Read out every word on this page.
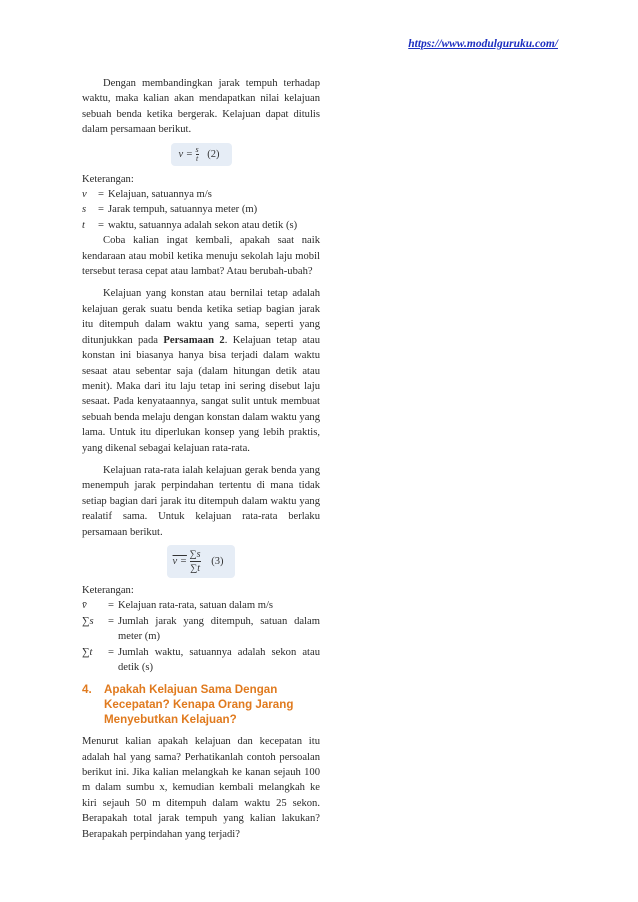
https://www.modulguruku.com/

Dengan membandingkan jarak tempuh terhadap waktu, maka kalian akan mendapatkan nilai kelajuan sebuah benda ketika bergerak. Kelajuan dapat ditulis dalam persamaan berikut.

$v = \frac{s}{t} (2)$

Keterangan:

v	= Kelajuan, satuannya m/s
s	= Jarak tempuh, satuannya meter (m)
t	= waktu, satuannya adalah sekon atau detik (s)

Coba kalian ingat kembali, apakah saat naik kendaraan atau mobil ketika menuju sekolah laju mobil tersebut terasa cepat atau lambat? Atau berubah-ubah?

Kelajuan yang konstan atau bernilai tetap adalah kelajuan gerak suatu benda ketika setiap bagian jarak itu ditempuh dalam waktu yang sama, seperti yang ditunjukkan pada Persamaan 2. Kelajuan tetap atau konstan ini biasanya hanya bisa terjadi dalam waktu sesaat atau sebentar saja (dalam hitungan detik atau menit). Maka dari itu laju tetap ini sering disebut laju sesaat. Pada kenyataannya, sangat sulit untuk membuat sebuah benda melaju dengan konstan dalam waktu yang lama. Untuk itu diperlukan konsep yang lebih praktis, yang dikenal sebagai kelajuan rata-rata.

Kelajuan rata-rata ialah kelajuan gerak benda yang menempuh jarak perpindahan tertentu di mana tidak setiap bagian dari jarak itu ditempuh dalam waktu yang realatif sama. Untuk kelajuan rata-rata berlaku persamaan berikut.

$v = \frac{\sum s}{\sum t} (3)$

Keterangan:

v̄	= Kelajuan rata-rata, satuan dalam m/s
∑s	= Jumlah jarak yang ditempuh, satuan dalam meter (m)
∑t	= Jumlah waktu, satuannya adalah sekon atau detik (s)
4.	Apakah Kelajuan Sama Dengan Kecepatan? Kenapa Orang Jarang Menyebutkan Kelajuan?

Menurut kalian apakah kelajuan dan kecepatan itu adalah hal yang sama? Perhatikanlah contoh persoalan berikut ini. Jika kalian melangkah ke kanan sejauh 100 m dalam sumbu x, kemudian kembali melangkah ke kiri sejauh 50 m ditempuh dalam waktu 25 sekon. Berapakah total jarak tempuh yang kalian lakukan? Berapakah perpindahan yang terjadi?
